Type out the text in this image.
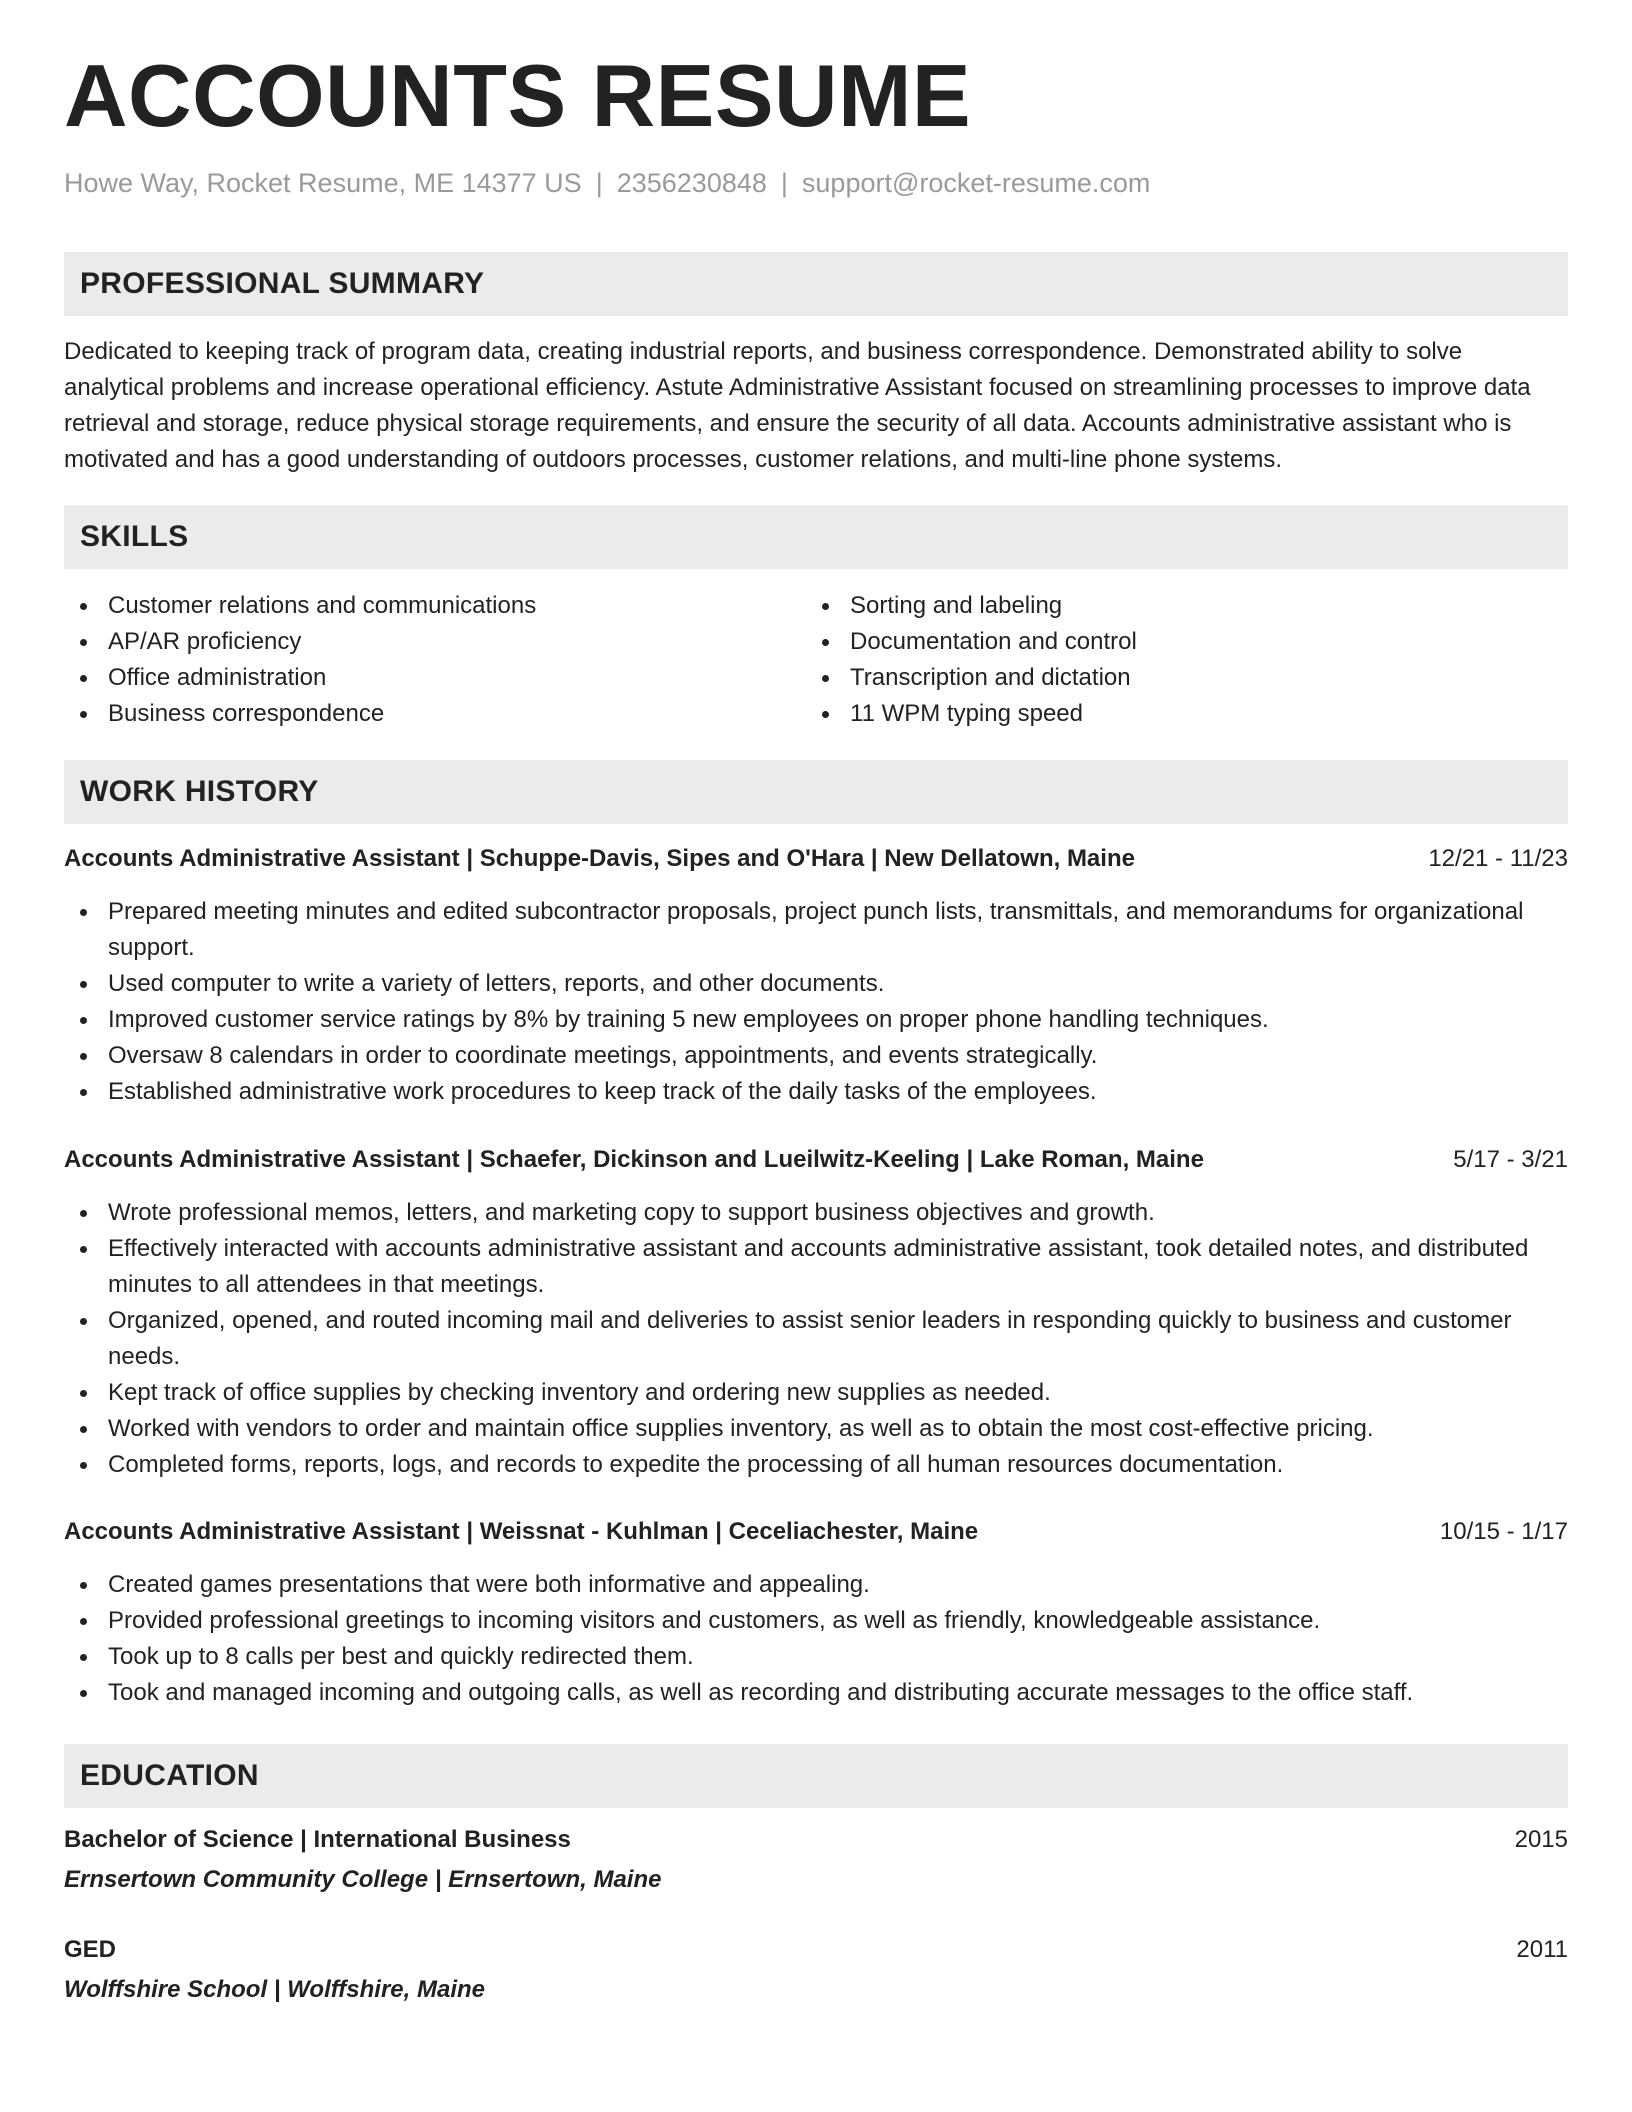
ACCOUNTS RESUME
Howe Way, Rocket Resume, ME 14377 US | 2356230848 | support@rocket-resume.com
PROFESSIONAL SUMMARY

Dedicated to keeping track of program data, creating industrial reports, and business correspondence. Demonstrated ability to solve analytical problems and increase operational efficiency. Astute Administrative Assistant focused on streamlining processes to improve data retrieval and storage, reduce physical storage requirements, and ensure the security of all data. Accounts administrative assistant who is motivated and has a good understanding of outdoors processes, customer relations, and multi-line phone systems.

SKILLS
Customer relations and communications
AP/AR proficiency
Office administration
Business correspondence
Sorting and labeling
Documentation and control
Transcription and dictation
11 WPM typing speed
WORK HISTORY
Accounts Administrative Assistant | Schuppe-Davis, Sipes and O'Hara | New Dellatown, Maine	12/21 - 11/23
Prepared meeting minutes and edited subcontractor proposals, project punch lists, transmittals, and memorandums for organizational support.
Used computer to write a variety of letters, reports, and other documents.
Improved customer service ratings by 8% by training 5 new employees on proper phone handling techniques.
Oversaw 8 calendars in order to coordinate meetings, appointments, and events strategically.
Established administrative work procedures to keep track of the daily tasks of the employees.
Accounts Administrative Assistant | Schaefer, Dickinson and Lueilwitz-Keeling | Lake Roman, Maine	5/17 - 3/21
Wrote professional memos, letters, and marketing copy to support business objectives and growth.
Effectively interacted with accounts administrative assistant and accounts administrative assistant, took detailed notes, and distributed minutes to all attendees in that meetings.
Organized, opened, and routed incoming mail and deliveries to assist senior leaders in responding quickly to business and customer needs.
Kept track of office supplies by checking inventory and ordering new supplies as needed.
Worked with vendors to order and maintain office supplies inventory, as well as to obtain the most cost-effective pricing.
Completed forms, reports, logs, and records to expedite the processing of all human resources documentation.
Accounts Administrative Assistant | Weissnat - Kuhlman | Ceceliachester, Maine	10/15 - 1/17
Created games presentations that were both informative and appealing.
Provided professional greetings to incoming visitors and customers, as well as friendly, knowledgeable assistance.
Took up to 8 calls per best and quickly redirected them.
Took and managed incoming and outgoing calls, as well as recording and distributing accurate messages to the office staff.
EDUCATION
Bachelor of Science | International Business	2015
Ernsertown Community College | Ernsertown, Maine
GED	2011
Wolffshire School | Wolffshire, Maine
